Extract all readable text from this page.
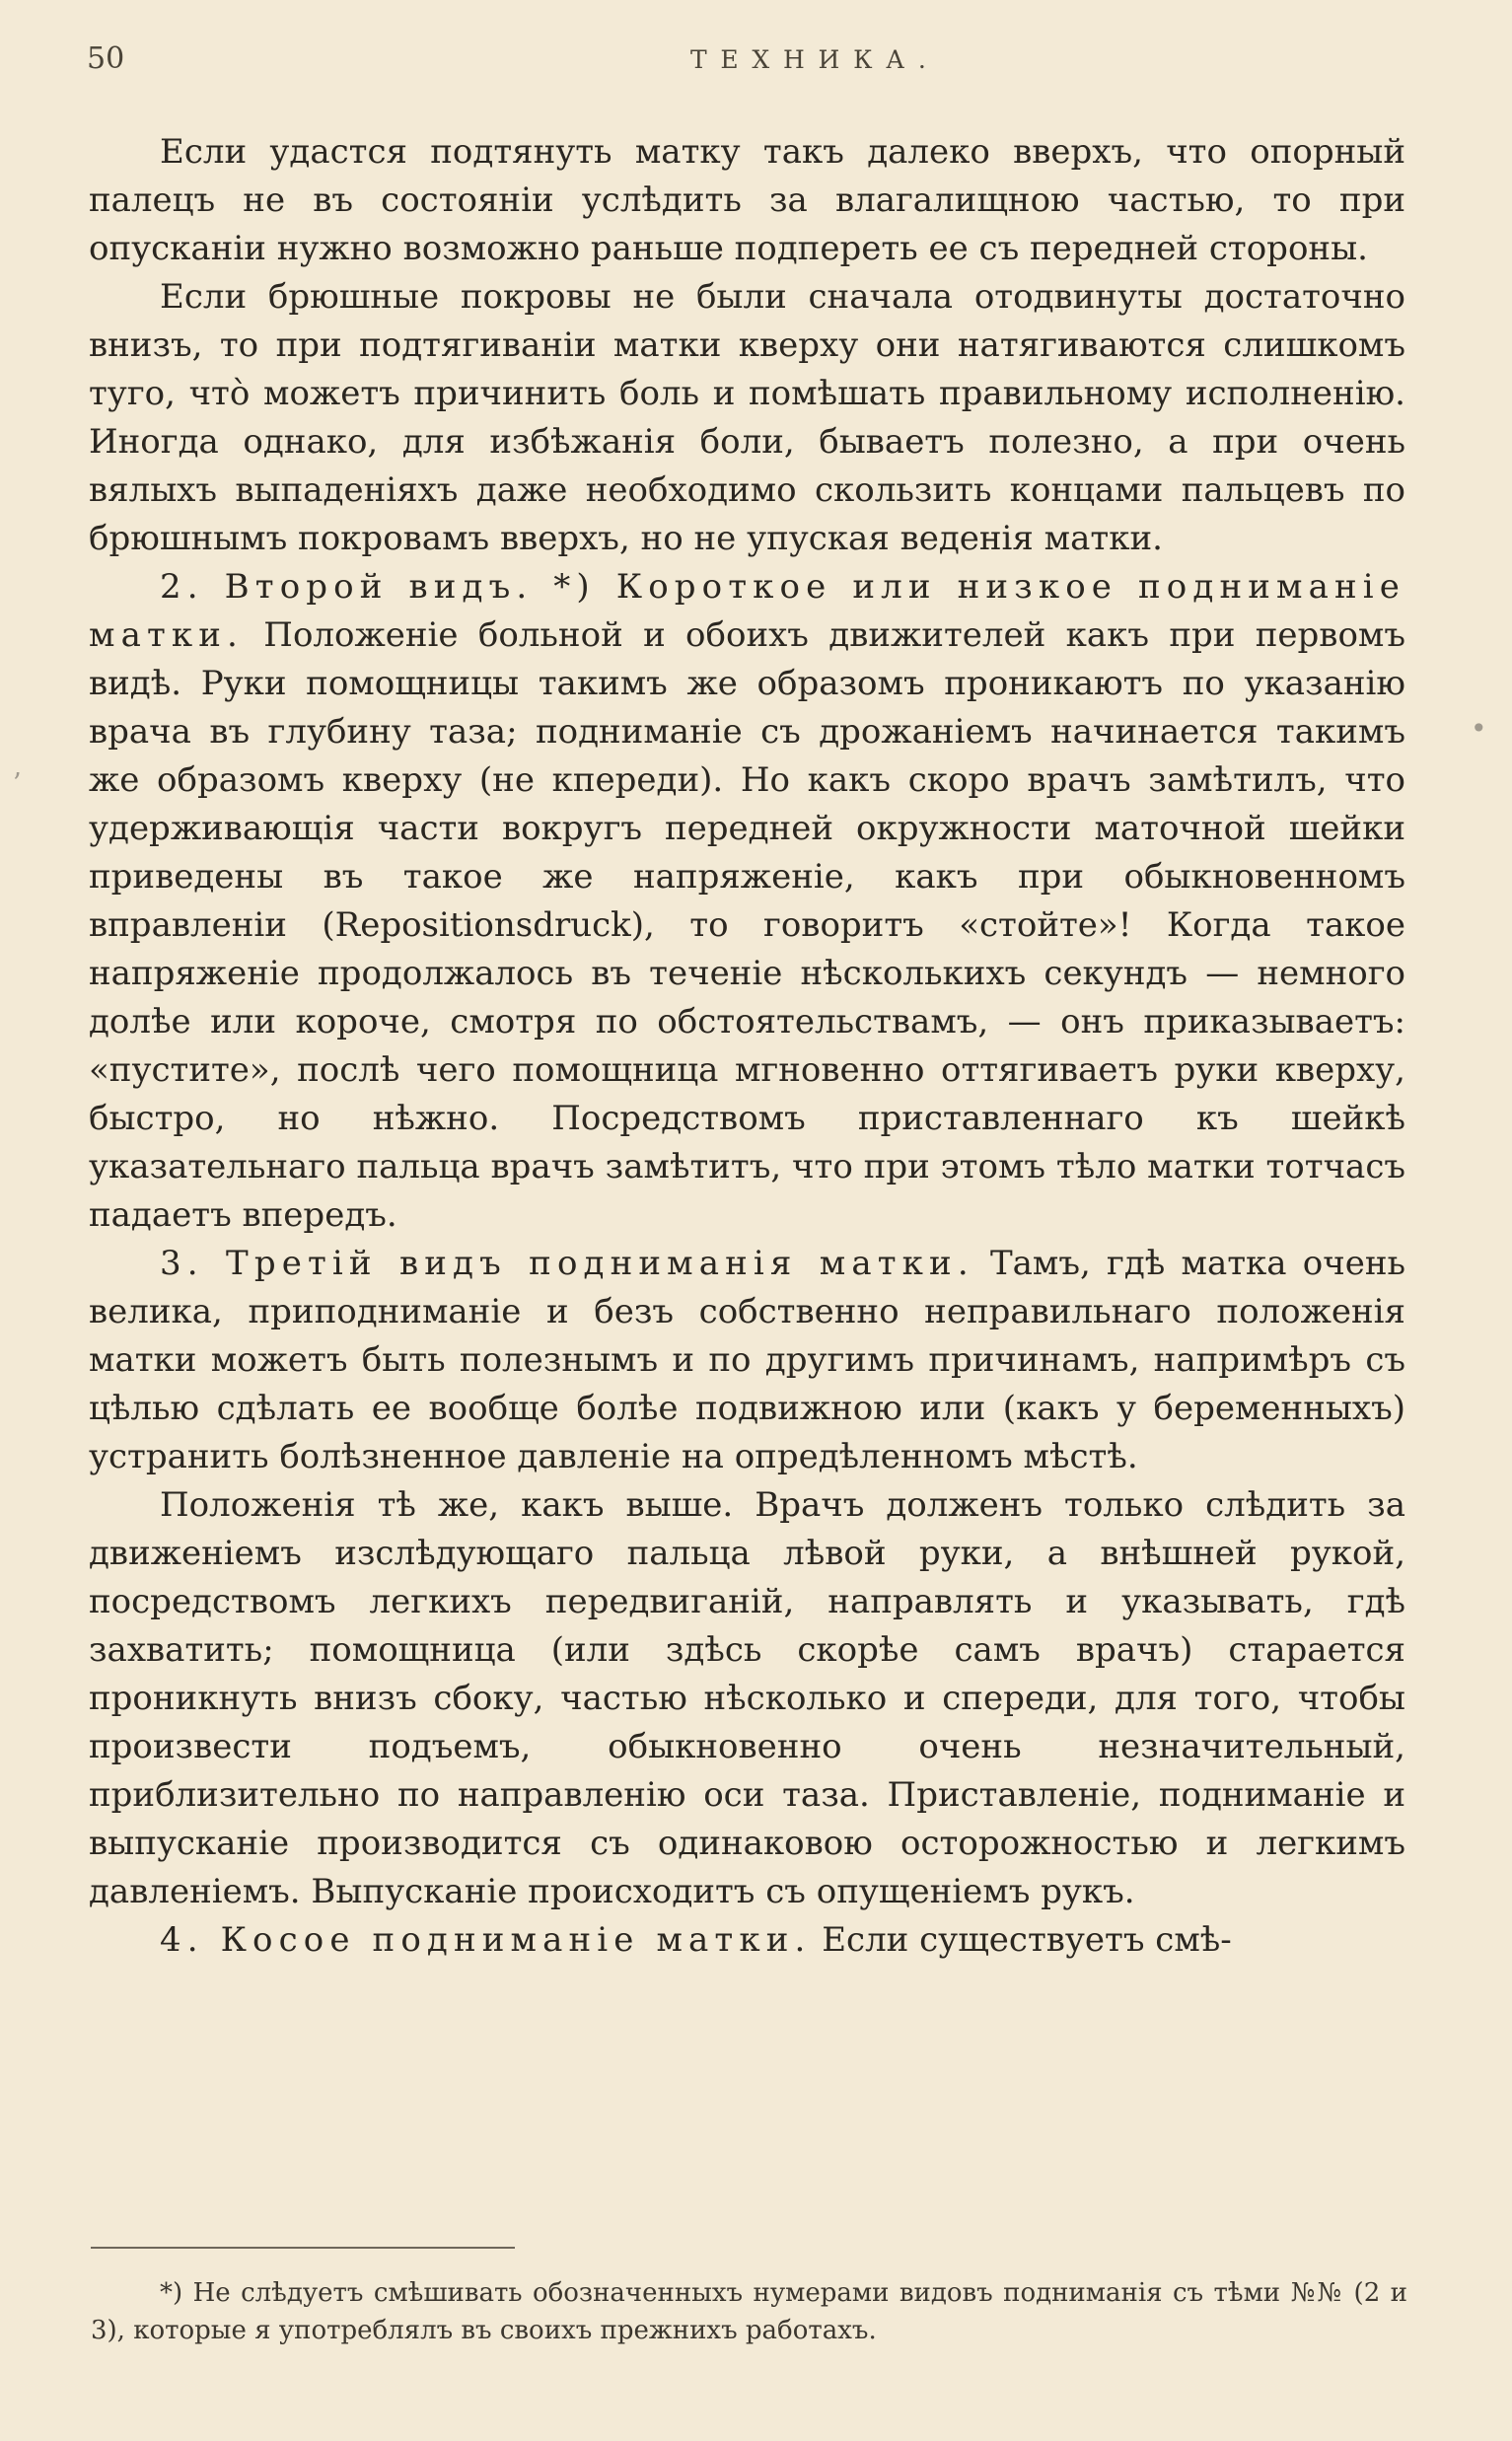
50	ТЕХНИКА.

Если удастся подтянуть матку такъ далеко вверхъ, что опорный палецъ не въ состояніи услѣдить за влагалищною частью, то при опусканіи нужно возможно раньше подпереть ее съ передней стороны.

Если брюшные покровы не были сначала отодвинуты достаточно внизъ, то при подтягиваніи матки кверху они натягиваются слишкомъ туго, что̀ можетъ причинить боль и помѣшать правильному исполненію. Иногда однако, для избѣжанія боли, бываетъ полезно, а при очень вялыхъ выпаденіяхъ даже необходимо скользить концами пальцевъ по брюшнымъ покровамъ вверхъ, но не упуская веденія матки.

2. Второй видъ. *) Короткое или низкое подниманіе матки. Положеніе больной и обоихъ движителей какъ при первомъ видѣ. Руки помощницы такимъ же образомъ проникаютъ по указанію врача въ глубину таза; подниманіе съ дрожаніемъ начинается такимъ же образомъ кверху (не кпереди). Но какъ скоро врачъ замѣтилъ, что удерживающія части вокругъ передней окружности маточной шейки приведены въ такое же напряженіе, какъ при обыкновенномъ вправленіи (Repositionsdruck), то говоритъ «стойте»! Когда такое напряженіе продолжалось въ теченіе нѣсколькихъ секундъ — немного долѣе или короче, смотря по обстоятельствамъ, — онъ приказываетъ: «пустите», послѣ чего помощница мгновенно оттягиваетъ руки кверху, быстро, но нѣжно. Посредствомъ приставленнаго къ шейкѣ указательнаго пальца врачъ замѣтитъ, что при этомъ тѣло матки тотчасъ падаетъ впередъ.

3. Третій видъ подниманія матки. Тамъ, гдѣ матка очень велика, приподниманіе и безъ собственно неправильнаго положенія матки можетъ быть полезнымъ и по другимъ причинамъ, напримѣръ съ цѣлью сдѣлать ее вообще болѣе подвижною или (какъ у беременныхъ) устранить болѣзненное давленіе на опредѣленномъ мѣстѣ.

Положенія тѣ же, какъ выше. Врачъ долженъ только слѣдить за движеніемъ изслѣдующаго пальца лѣвой руки, а внѣшней рукой, посредствомъ легкихъ передвиганій, направлять и указывать, гдѣ захватить; помощница (или здѣсь скорѣе самъ врачъ) старается проникнуть внизъ сбоку, частью нѣсколько и спереди, для того, чтобы произвести подъемъ, обыкновенно очень незначительный, приблизительно по направленію оси таза. Приставленіе, подниманіе и выпусканіе производится съ одинаковою осторожностью и легкимъ давленіемъ. Выпусканіе происходитъ съ опущеніемъ рукъ.

4. Косое подниманіе матки. Если существуетъ смѣ-

•
ʼ

*) Не слѣдуетъ смѣшивать обозначенныхъ нумерами видовъ подниманія съ тѣми №№ (2 и 3), которые я употреблялъ въ своихъ прежнихъ работахъ.
